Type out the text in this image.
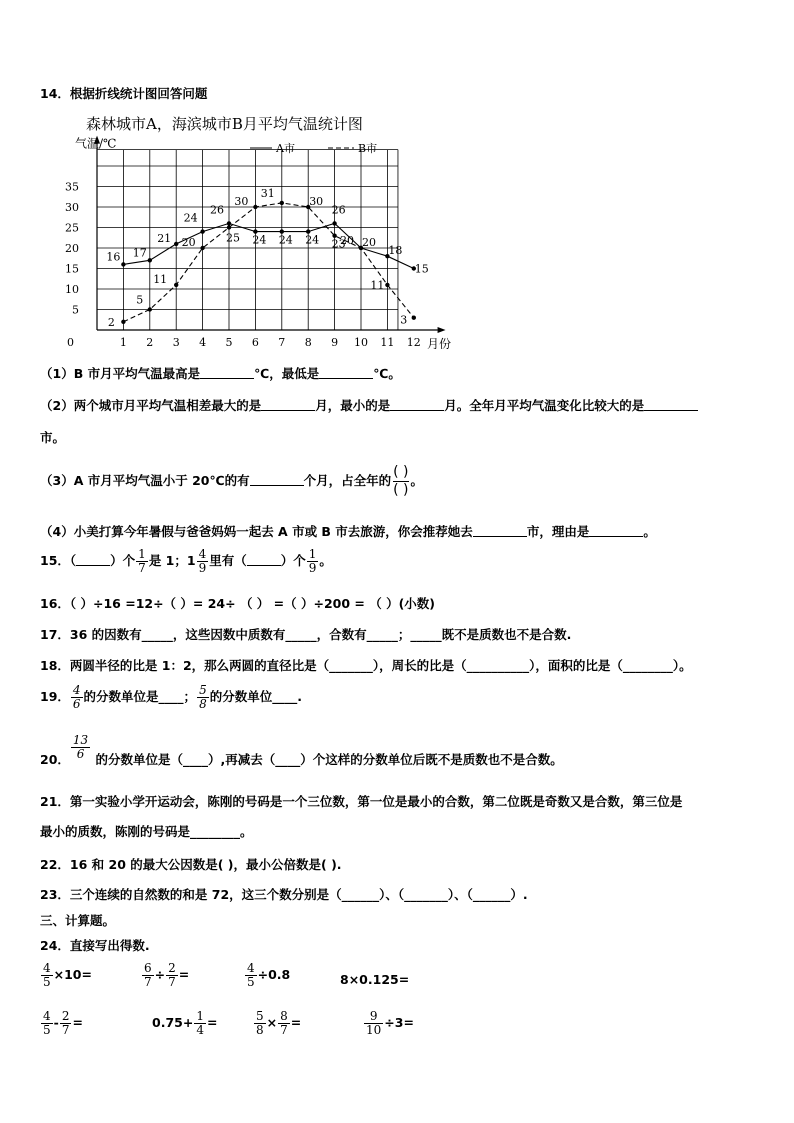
14．根据折线统计图回答问题
森林城市A，海滨城市B月平均气温统计图
5
10
15
20
25
30
35
1 2 3 4 5 6 7 8 9 10 11 12
0	月份
气温/℃
16 17
21
24
26
24 24 24
26
20
18
15
2
5
11
20	25
30
31
30
23
20
11
3
A市	B市
（1）B 市月平均气温最高是	℃，最低是	℃。
（2）两个城市月平均气温相差最大的是	月，最小的是	月。全年月平均气温变化比较大的是
市。
（3）A 市月平均气温小于 20℃的有	个月，占全年的 $\frac{( )}{( )}$ 。
（4）小美打算今年暑假与爸爸妈妈一起去 A 市或 B 市去旅游，你会推荐她去	市，理由是	。
15．（	）个 $\frac{1}{7}$ 是 1；$1 \frac{4}{9}$ 里有（	）个 $\frac{1}{9}$ 。
16．（ ）÷16 =12÷（ ）= 24÷ （ ） =（ ）÷200 = （ ）(小数)
17．36 的因数有_____，这些因数中质数有_____，合数有_____；_____既不是质数也不是合数.
18．两圆半径的比是 1：2，那么两圆的直径比是（_______），周长的比是（__________），面积的比是（________）。
19． $\frac{4}{6}$ 的分数单位是____； $\frac{5}{8}$ 的分数单位____.
20． $\frac{13}{6}$ 的分数单位是（____）,再减去（____）个这样的分数单位后既不是质数也不是合数。
21．第一实验小学开运动会，陈刚的号码是一个三位数，第一位是最小的合数，第二位既是奇数又是合数，第三位是
最小的质数，陈刚的号码是________。
22．16 和 20 的最大公因数是( )，最小公倍数是( ).
23．三个连续的自然数的和是 72，这三个数分别是（______）、（_______）、（______）.
三、计算题。
24．直接写出得数.
$\frac{4}{5} \times 10=$	$\frac{6}{7} \div \frac{2}{7}$ =	$\frac{4}{5} \div 0.8$	8×0.125=
$\frac{4}{5} - \frac{2}{7}$ =	$0.75+ \frac{1}{4}$ =	$\frac{5}{8} \times \frac{8}{7}$ =	$\frac{9}{10} \div 3=$
